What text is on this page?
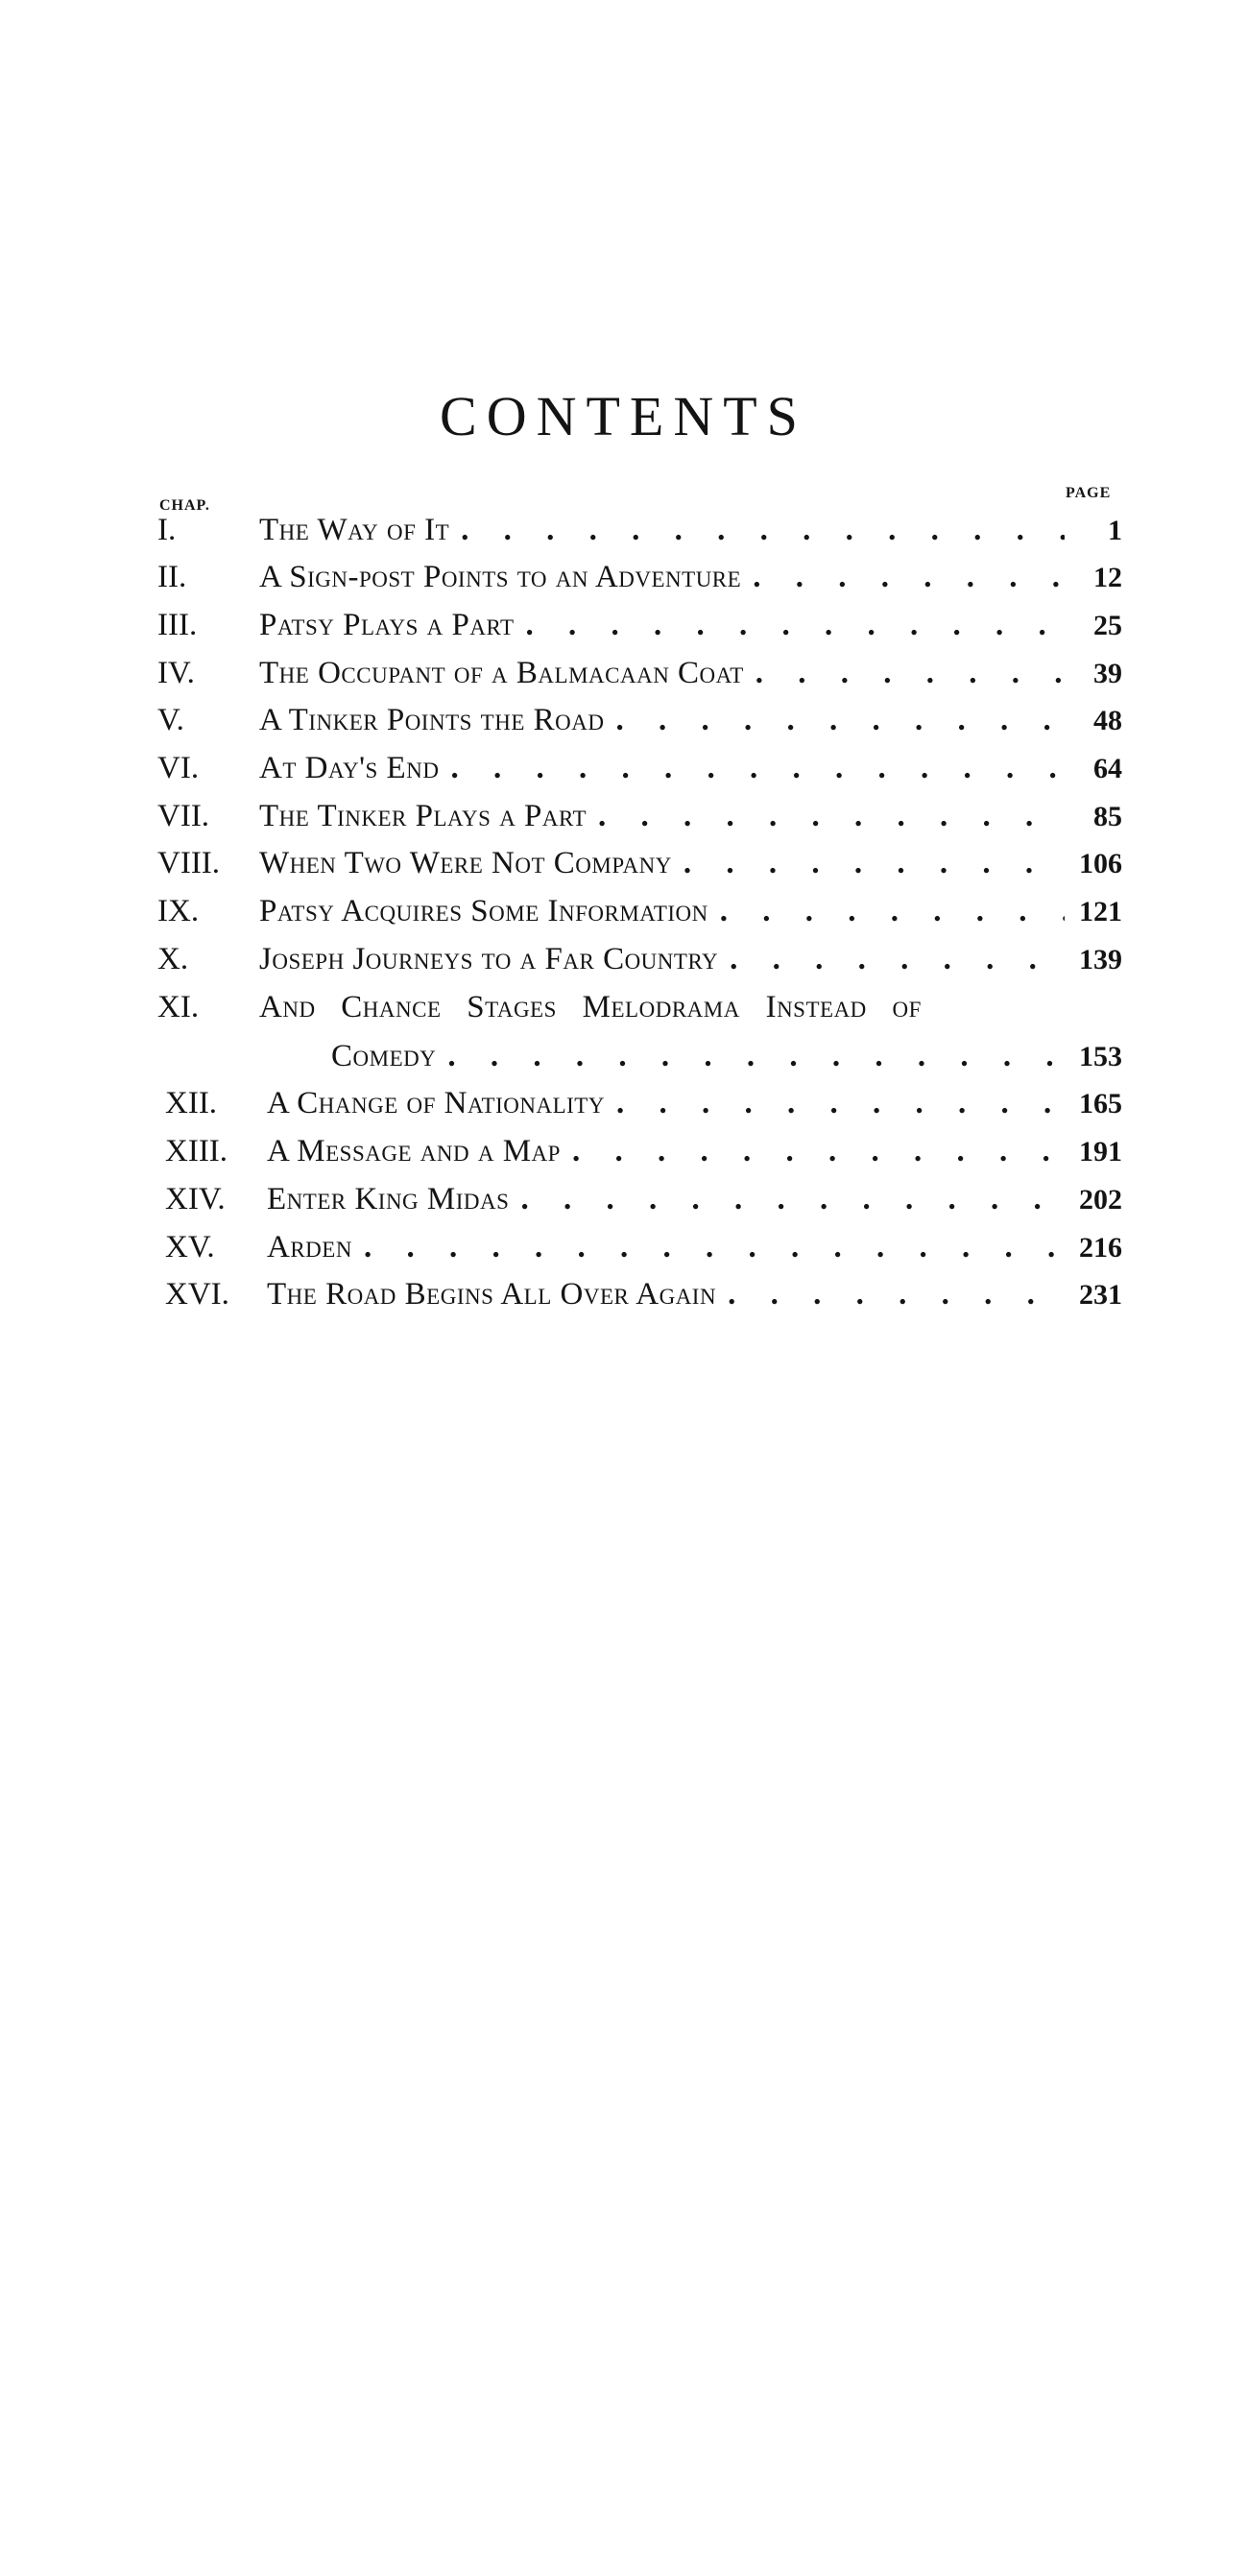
CONTENTS
CHAP.
PAGE
I.	The Way of It . . .	1
II. A Sign-post Points to an Adventure . . .	12
III. Patsy Plays a Part . . .	25
IV. The Occupant of a Balmacaan Coat . . .	39
V. A Tinker Points the Road . . .	48
VI. At Day's End . . .	64
VII. The Tinker Plays a Part . . .	85
VIII. When Two Were Not Company . . .	106
IX. Patsy Acquires Some Information . . .	121
X. Joseph Journeys to a Far Country . . .	139
XI. And Chance Stages Melodrama Instead of
Comedy . . .	153
XII. A Change of Nationality . . .	165
XIII. A Message and a Map . . .	191
XIV. Enter King Midas . . .	202
XV. Arden . . .	216
XVI. The Road Begins All Over Again . . .	231
